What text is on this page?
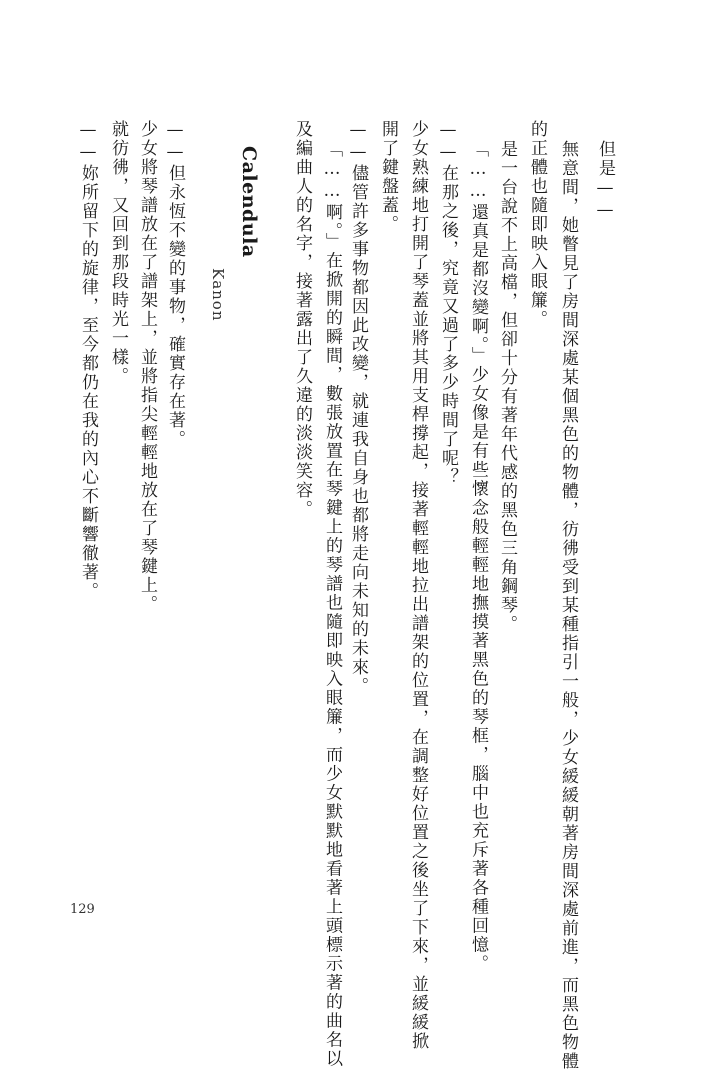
但是——
無意間，她瞥見了房間深處某個黑色的物體，彷彿受到某種指引一般，少女緩緩朝著房間深處前進，而黑色物體
的正體也隨即映入眼簾。
是一台說不上高檔，但卻十分有著年代感的黑色三角鋼琴。
「……還真是都沒變啊。」少女像是有些懷念般輕輕地撫摸著黑色的琴框，腦中也充斥著各種回憶。
——在那之後，究竟又過了多少時間了呢？
少女熟練地打開了琴蓋並將其用支桿撐起，接著輕輕地拉出譜架的位置，在調整好位置之後坐了下來，並緩緩掀
開了鍵盤蓋。
——儘管許多事物都因此改變，就連我自身也都將走向未知的未來。
「……啊。」在掀開的瞬間，數張放置在琴鍵上的琴譜也隨即映入眼簾，而少女默默地看著上頭標示著的曲名以
及編曲人的名字，接著露出了久違的淡淡笑容。
Calendula
Kanon
——但永恆不變的事物，確實存在著。
少女將琴譜放在了譜架上，並將指尖輕輕地放在了琴鍵上。
就彷彿，又回到那段時光一樣。
——妳所留下的旋律，至今都仍在我的內心不斷響徹著。
129
